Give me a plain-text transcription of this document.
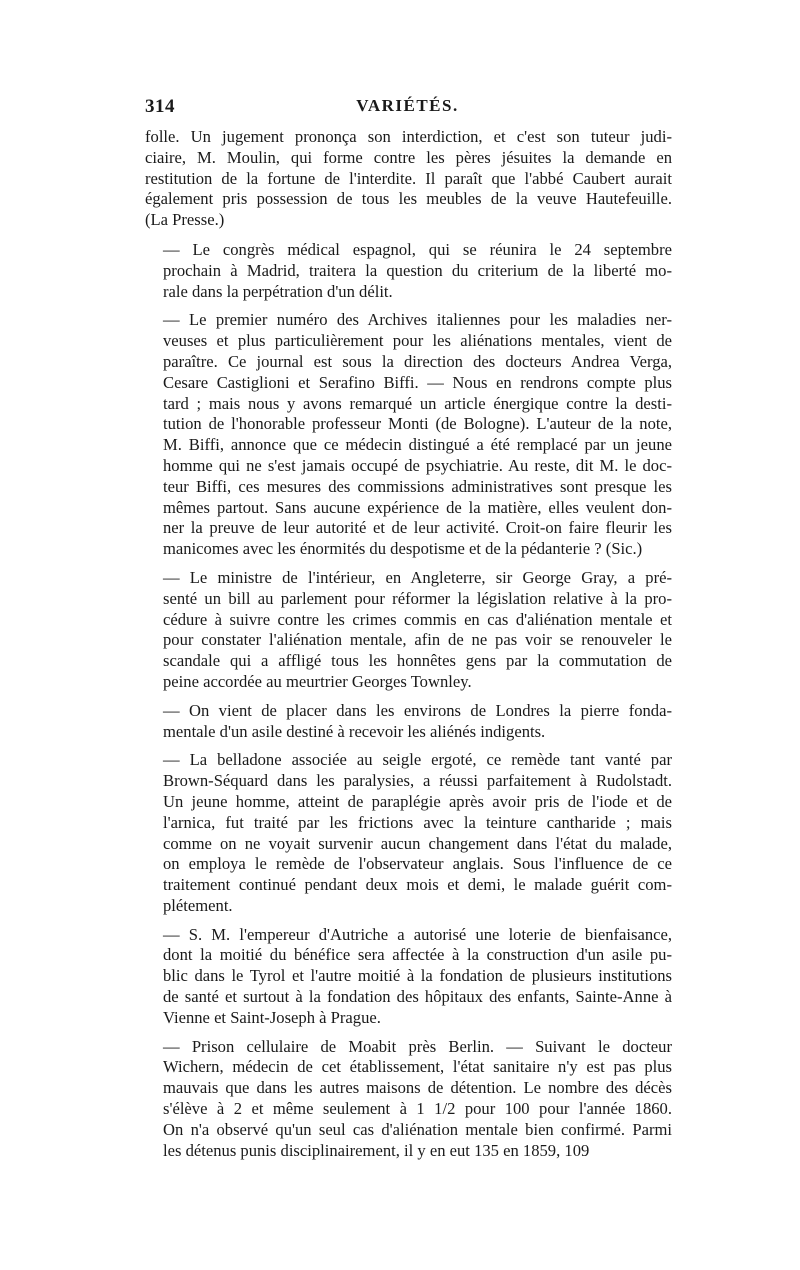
314	VARIÉTÉS.
folle. Un jugement prononça son interdiction, et c'est son tuteur judi-
ciaire, M. Moulin, qui forme contre les pères jésuites la demande en
restitution de la fortune de l'interdite. Il paraît que l'abbé Caubert aurait
également pris possession de tous les meubles de la veuve Hautefeuille.
(La Presse.)
— Le congrès médical espagnol, qui se réunira le 24 septembre
prochain à Madrid, traitera la question du criterium de la liberté mo-
rale dans la perpétration d'un délit.
— Le premier numéro des Archives italiennes pour les maladies ner-
veuses et plus particulièrement pour les aliénations mentales, vient de
paraître. Ce journal est sous la direction des docteurs Andrea Verga,
Cesare Castiglioni et Serafino Biffi. — Nous en rendrons compte plus
tard ; mais nous y avons remarqué un article énergique contre la desti-
tution de l'honorable professeur Monti (de Bologne). L'auteur de la note,
M. Biffi, annonce que ce médecin distingué a été remplacé par un jeune
homme qui ne s'est jamais occupé de psychiatrie. Au reste, dit M. le doc-
teur Biffi, ces mesures des commissions administratives sont presque les
mêmes partout. Sans aucune expérience de la matière, elles veulent don-
ner la preuve de leur autorité et de leur activité. Croit-on faire fleurir les
manicomes avec les énormités du despotisme et de la pédanterie ? (Sic.)
— Le ministre de l'intérieur, en Angleterre, sir George Gray, a pré-
senté un bill au parlement pour réformer la législation relative à la pro-
cédure à suivre contre les crimes commis en cas d'aliénation mentale et
pour constater l'aliénation mentale, afin de ne pas voir se renouveler le
scandale qui a affligé tous les honnêtes gens par la commutation de
peine accordée au meurtrier Georges Townley.
— On vient de placer dans les environs de Londres la pierre fonda-
mentale d'un asile destiné à recevoir les aliénés indigents.
— La belladone associée au seigle ergoté, ce remède tant vanté par
Brown-Séquard dans les paralysies, a réussi parfaitement à Rudolstadt.
Un jeune homme, atteint de paraplégie après avoir pris de l'iode et de
l'arnica, fut traité par les frictions avec la teinture cantharide ; mais
comme on ne voyait survenir aucun changement dans l'état du malade,
on employa le remède de l'observateur anglais. Sous l'influence de ce
traitement continué pendant deux mois et demi, le malade guérit com-
plétement.
— S. M. l'empereur d'Autriche a autorisé une loterie de bienfaisance,
dont la moitié du bénéfice sera affectée à la construction d'un asile pu-
blic dans le Tyrol et l'autre moitié à la fondation de plusieurs institutions
de santé et surtout à la fondation des hôpitaux des enfants, Sainte-Anne à
Vienne et Saint-Joseph à Prague.
— Prison cellulaire de Moabit près Berlin. — Suivant le docteur
Wichern, médecin de cet établissement, l'état sanitaire n'y est pas plus
mauvais que dans les autres maisons de détention. Le nombre des décès
s'élève à 2 et même seulement à 1 1/2 pour 100 pour l'année 1860.
On n'a observé qu'un seul cas d'aliénation mentale bien confirmé. Parmi
les détenus punis disciplinairement, il y en eut 135 en 1859, 109
